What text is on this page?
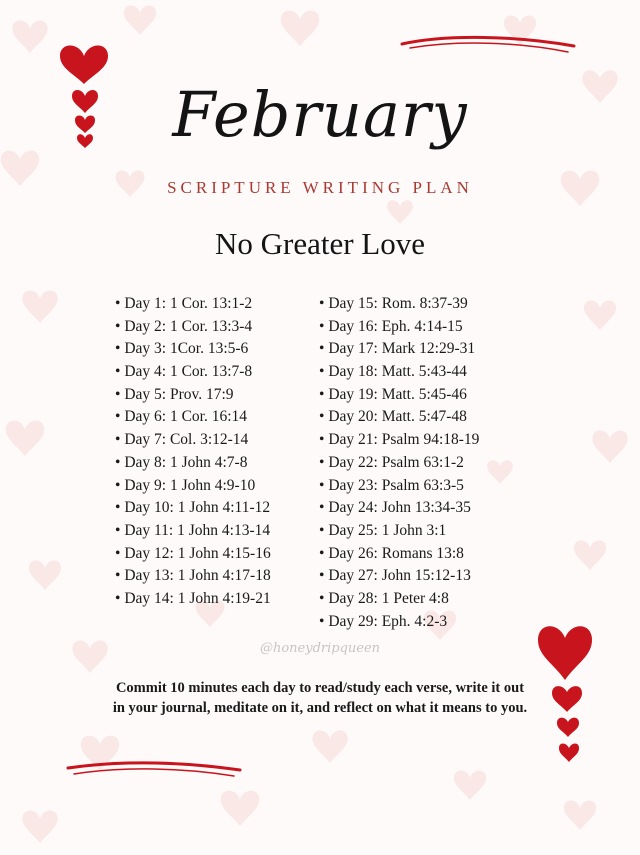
February
SCRIPTURE WRITING PLAN
No Greater Love
• Day 1: 1 Cor. 13:1-2
• Day 2: 1 Cor. 13:3-4
• Day 3: 1Cor. 13:5-6
• Day 4: 1 Cor. 13:7-8
• Day 5: Prov. 17:9
• Day 6: 1 Cor. 16:14
• Day 7: Col. 3:12-14
• Day 8: 1 John 4:7-8
• Day 9: 1 John 4:9-10
• Day 10: 1 John 4:11-12
• Day 11: 1 John 4:13-14
• Day 12: 1 John 4:15-16
• Day 13: 1 John 4:17-18
• Day 14: 1 John 4:19-21
• Day 15: Rom. 8:37-39
• Day 16: Eph. 4:14-15
• Day 17: Mark 12:29-31
• Day 18: Matt. 5:43-44
• Day 19: Matt. 5:45-46
• Day 20: Matt. 5:47-48
• Day 21: Psalm 94:18-19
• Day 22: Psalm 63:1-2
• Day 23: Psalm 63:3-5
• Day 24: John 13:34-35
• Day 25: 1 John 3:1
• Day 26: Romans 13:8
• Day 27: John 15:12-13
• Day 28: 1 Peter 4:8
• Day 29: Eph. 4:2-3
@honeydripqueen

Commit 10 minutes each day to read/study each verse, write it out

in your journal, meditate on it, and reflect on what it means to you.
